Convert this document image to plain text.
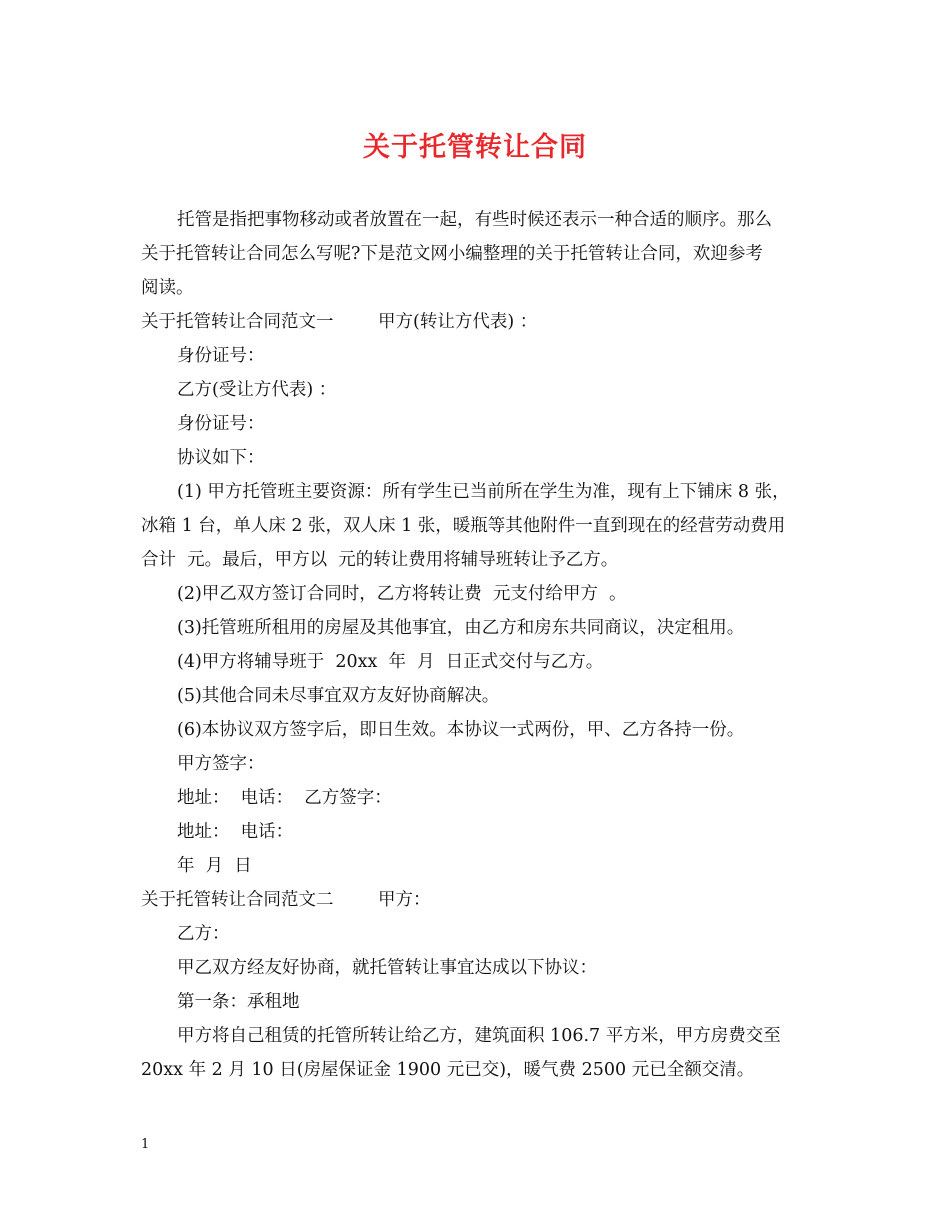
关于托管转让合同
托管是指把事物移动或者放置在一起，有些时候还表示一种合适的顺序。那么
关于托管转让合同怎么写呢?下是范文网小编整理的关于托管转让合同，欢迎参考
阅读。
关于托管转让合同范文一        甲方(转让方代表) ：
身份证号：
乙方(受让方代表) ：
身份证号：
协议如下：
(1) 甲方托管班主要资源：所有学生已当前所在学生为准，现有上下铺床 8 张，
冰箱 1 台，单人床 2 张，双人床 1 张，暖瓶等其他附件一直到现在的经营劳动费用
合计  元。最后，甲方以  元的转让费用将辅导班转让予乙方。
(2)甲乙双方签订合同时，乙方将转让费  元支付给甲方  。
(3)托管班所租用的房屋及其他事宜，由乙方和房东共同商议，决定租用。
(4)甲方将辅导班于  20xx  年  月  日正式交付与乙方。
(5)其他合同未尽事宜双方友好协商解决。
(6)本协议双方签字后，即日生效。本协议一式两份，甲、乙方各持一份。
甲方签字：
地址：  电话：  乙方签字：
地址：  电话：
年  月  日
关于托管转让合同范文二        甲方：
乙方：
甲乙双方经友好协商，就托管转让事宜达成以下协议：
第一条：承租地
甲方将自己租赁的托管所转让给乙方，建筑面积 106.7 平方米，甲方房费交至
20xx 年 2 月 10 日(房屋保证金 1900 元已交)，暖气费 2500 元已全额交清。
1
